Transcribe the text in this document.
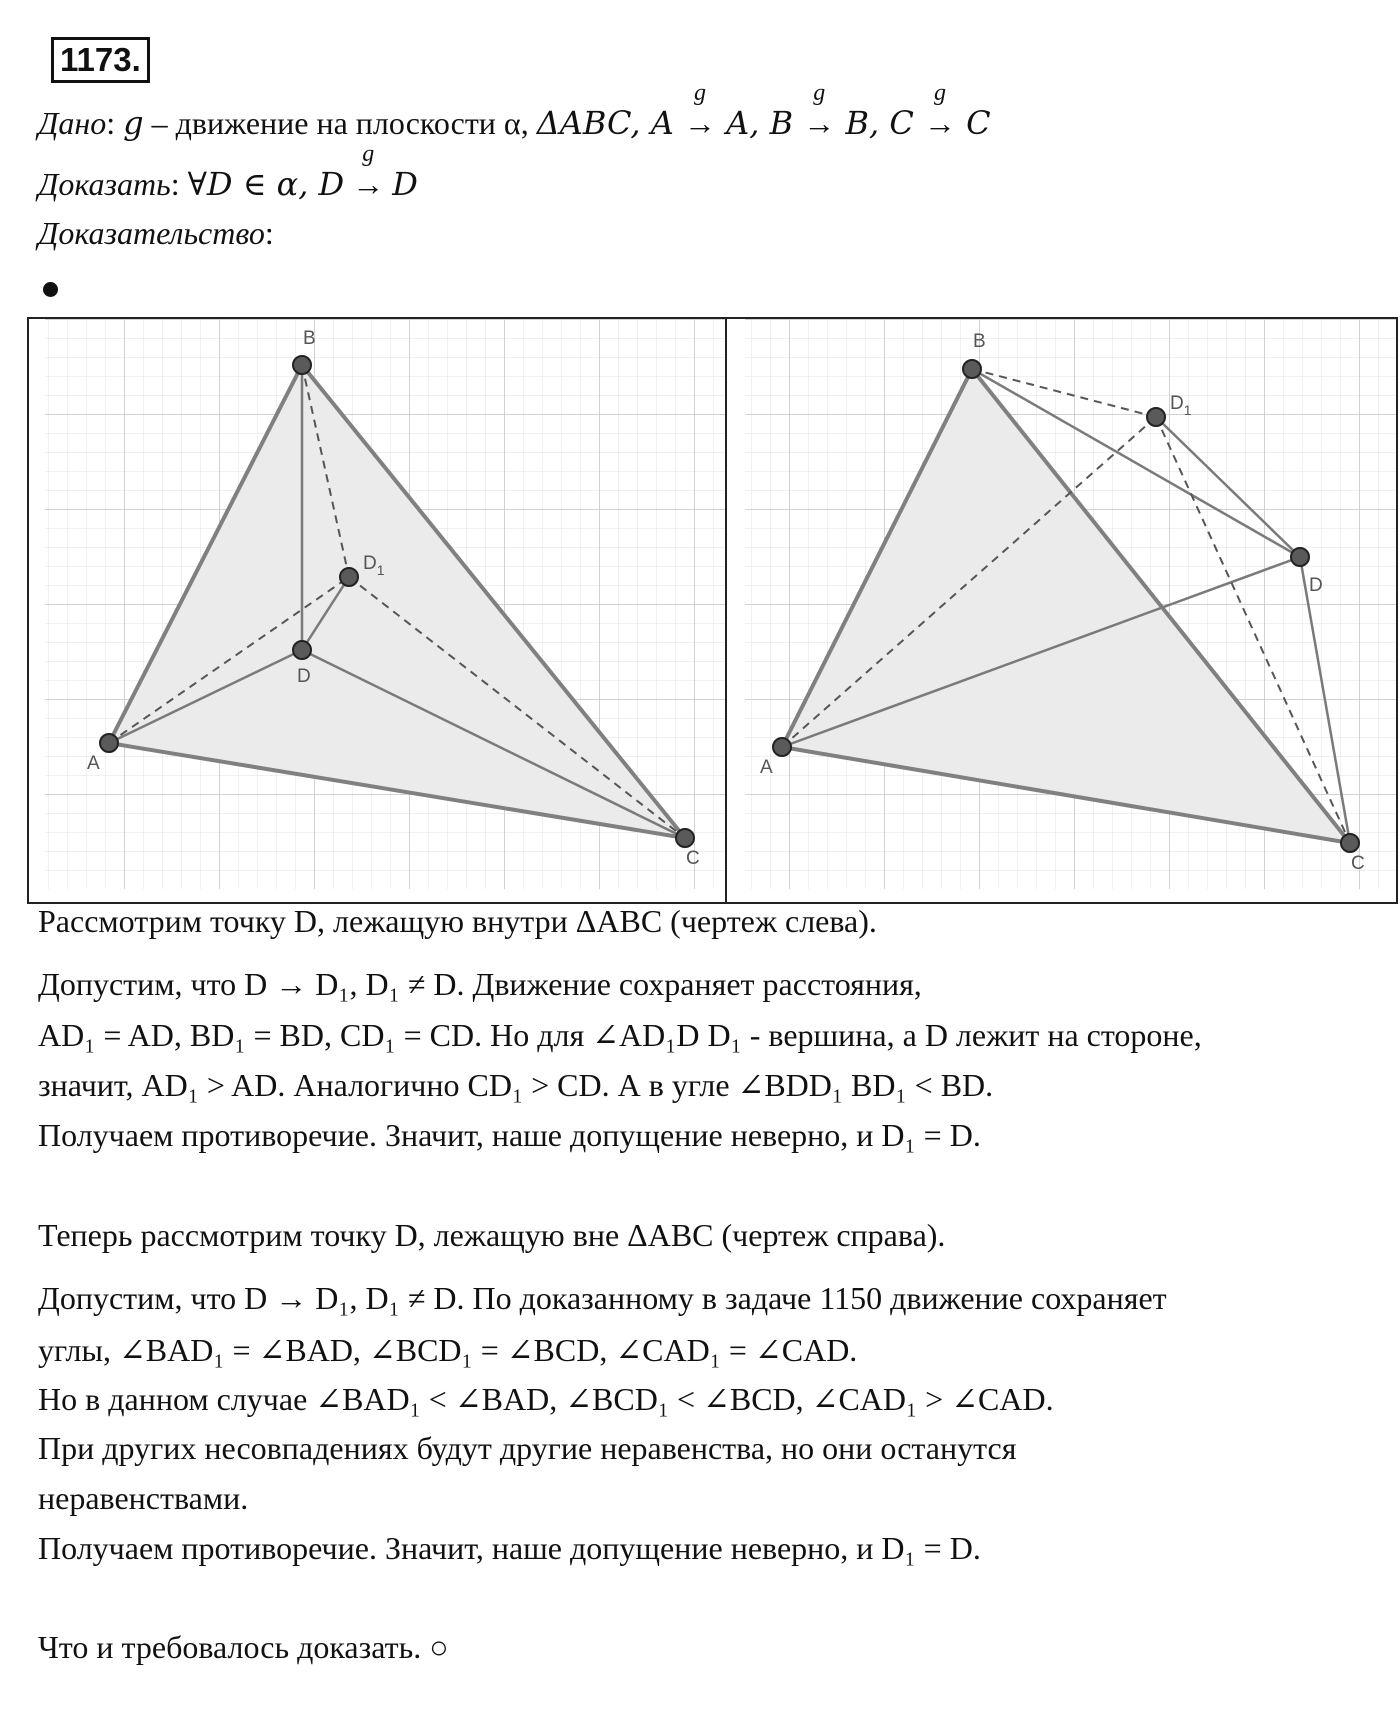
1173.
Дано: g – движение на плоскости α, ΔABC, A
g
→ A, B
g
→ B, C
g
→ C
Доказать: ∀D ∈ α, D
g
→ D
Доказательство:
A
B
C
D
$D_1$
A
B
C
D
$D_1$
Рассмотрим точку D, лежащую внутри ΔABC (чертеж слева).
Допустим, что D → D₁, D₁ ≠ D. Движение сохраняет расстояния,
AD₁ = AD, BD₁ = BD, CD₁ = CD. Но для ∠AD₁D D₁ - вершина, а D лежит на стороне,
значит, AD₁ > AD. Аналогично CD₁ > CD. А в угле ∠BDD₁ BD₁ < BD.
Получаем противоречие. Значит, наше допущение неверно, и D₁ = D.
Теперь рассмотрим точку D, лежащую вне ΔABC (чертеж справа).
Допустим, что D → D₁, D₁ ≠ D. По доказанному в задаче 1150 движение сохраняет
углы, ∠BAD₁ = ∠BAD, ∠BCD₁ = ∠BCD, ∠CAD₁ = ∠CAD.
Но в данном случае ∠BAD₁ < ∠BAD, ∠BCD₁ < ∠BCD, ∠CAD₁ > ∠CAD.
При других несовпадениях будут другие неравенства, но они останутся
неравенствами.
Получаем противоречие. Значит, наше допущение неверно, и D₁ = D.
Что и требовалось доказать. ○
